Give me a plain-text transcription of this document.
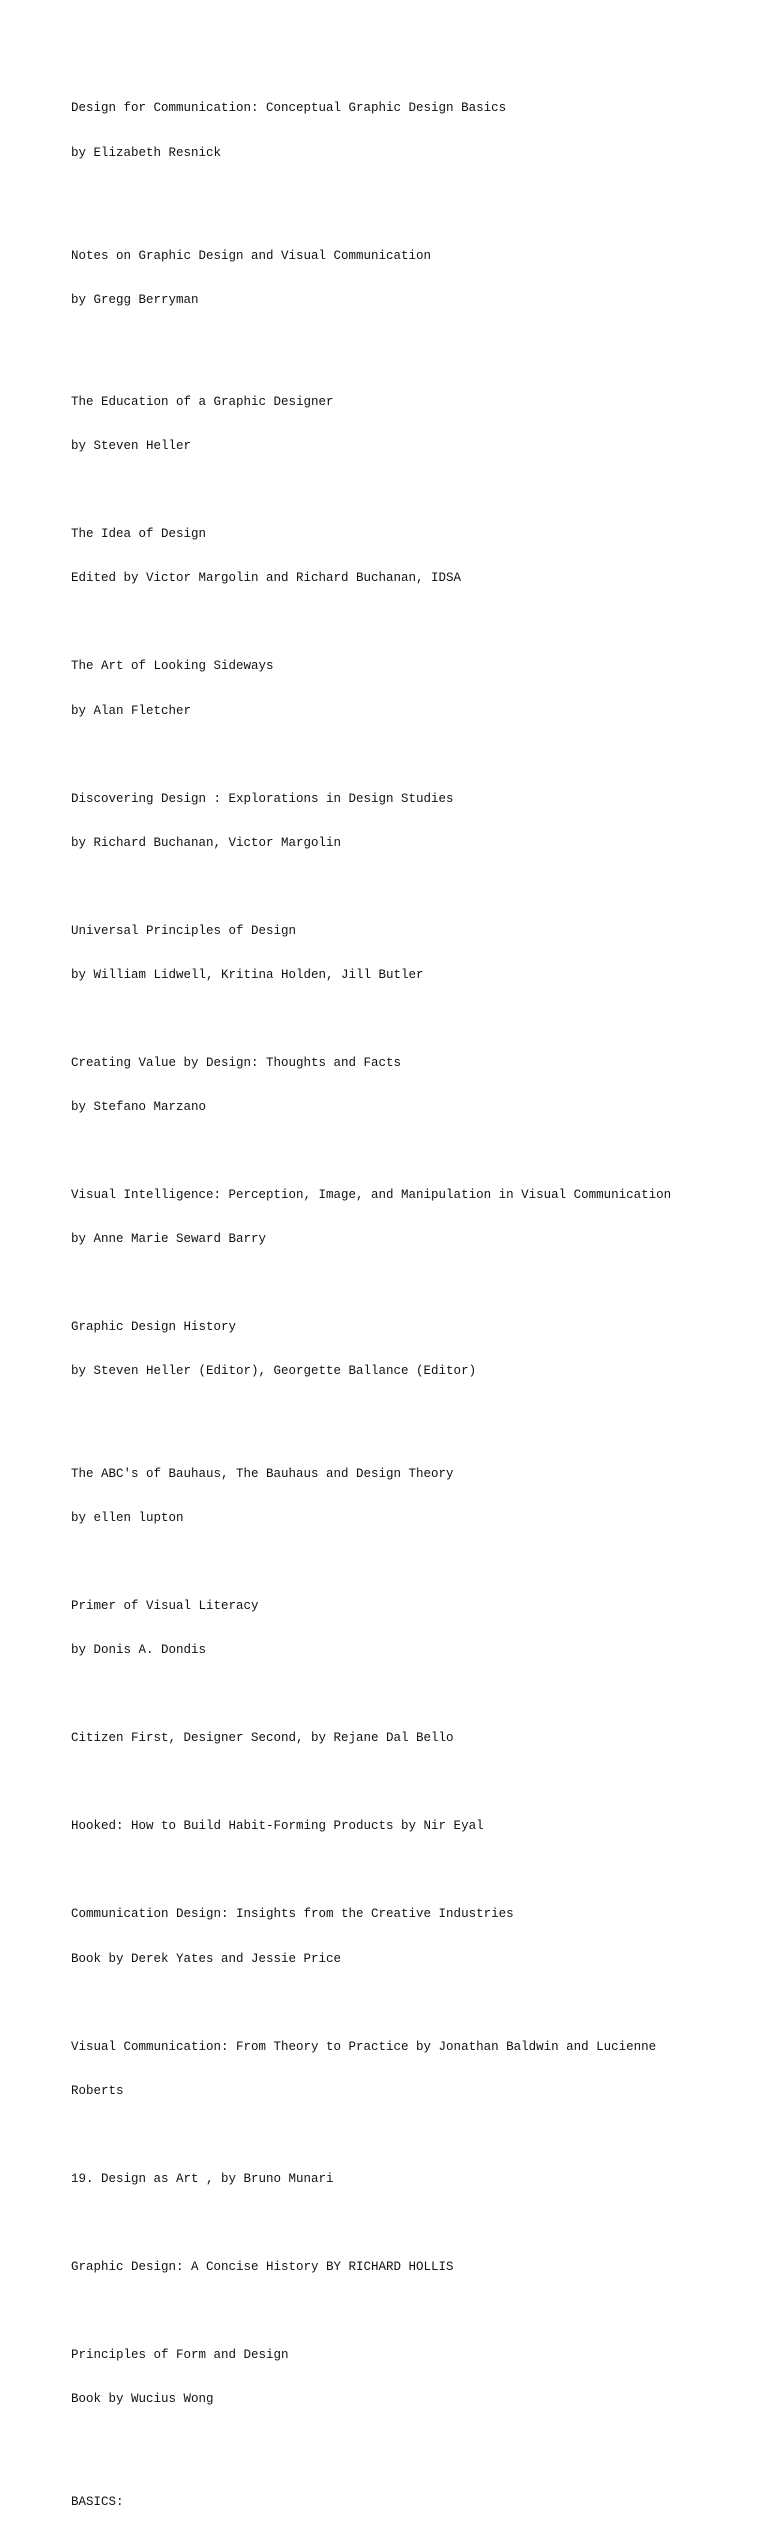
Design for Communication: Conceptual Graphic Design Basics

by Elizabeth Resnick

Notes on Graphic Design and Visual Communication

by Gregg Berryman

The Education of a Graphic Designer

by Steven Heller

The Idea of Design

Edited by Victor Margolin and Richard Buchanan, IDSA

The Art of Looking Sideways

by Alan Fletcher

Discovering Design : Explorations in Design Studies

by Richard Buchanan, Victor Margolin

Universal Principles of Design

by William Lidwell, Kritina Holden, Jill Butler

Creating Value by Design: Thoughts and Facts

by Stefano Marzano

Visual Intelligence: Perception, Image, and Manipulation in Visual Communication

by Anne Marie Seward Barry

Graphic Design History

by Steven Heller (Editor), Georgette Ballance (Editor)

The ABC's of Bauhaus, The Bauhaus and Design Theory

by ellen lupton

Primer of Visual Literacy

by Donis A. Dondis

Citizen First, Designer Second, by Rejane Dal Bello

Hooked: How to Build Habit-Forming Products by Nir Eyal

Communication Design: Insights from the Creative Industries

Book by Derek Yates and Jessie Price

Visual Communication: From Theory to Practice by Jonathan Baldwin and Lucienne

Roberts

19. Design as Art , by Bruno Munari

Graphic Design: A Concise History BY RICHARD HOLLIS

Principles of Form and Design

Book by Wucius Wong

BASICS:
